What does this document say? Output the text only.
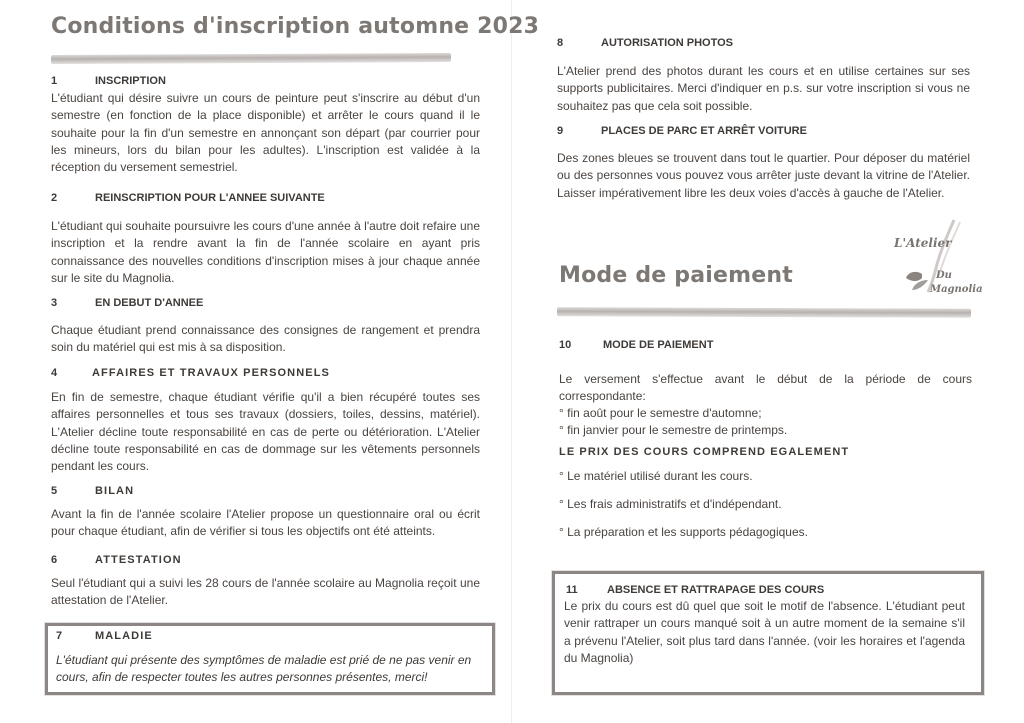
Conditions d'inscription automne 2023
1	INSCRIPTION

L'étudiant qui désire suivre un cours de peinture peut s'inscrire au début d'un semestre (en fonction de la place disponible) et arrêter le cours quand il le souhaite pour la fin d'un semestre en annonçant son départ (par courrier pour les mineurs, lors du bilan pour les adultes). L'inscription est validée à la réception du versement semestriel.

2	REINSCRIPTION POUR L'ANNEE SUIVANTE

L'étudiant qui souhaite poursuivre les cours d'une année à l'autre doit refaire une inscription et la rendre avant la fin de l'année scolaire en ayant pris connaissance des nouvelles conditions d'inscription mises à jour chaque année sur le site du Magnolia.

3	EN DEBUT D'ANNEE

Chaque étudiant prend connaissance des consignes de rangement et prendra soin du matériel qui est mis à sa disposition.

4	AFFAIRES ET TRAVAUX PERSONNELS

En fin de semestre, chaque étudiant vérifie qu'il a bien récupéré toutes ses affaires personnelles et tous ses travaux (dossiers, toiles, dessins, matériel). L'Atelier décline toute responsabilité en cas de perte ou détérioration. L'Atelier décline toute responsabilité en cas de dommage sur les vêtements personnels pendant les cours.

5	BILAN

Avant la fin de l'année scolaire l'Atelier propose un questionnaire oral ou écrit pour chaque étudiant, afin de vérifier si tous les objectifs ont été atteints.

6	ATTESTATION

Seul l'étudiant qui a suivi les 28 cours de l'année scolaire au Magnolia reçoit une attestation de l'Atelier.

7	MALADIE

L'étudiant qui présente des symptômes de maladie est prié de ne pas venir en cours, afin de respecter toutes les autres personnes présentes, merci!

8	AUTORISATION PHOTOS

L'Atelier prend des photos durant les cours et en utilise certaines sur ses supports publicitaires. Merci d'indiquer en p.s. sur votre inscription si vous ne souhaitez pas que cela soit possible.

9	PLACES DE PARC ET ARRÊT VOITURE

Des zones bleues se trouvent dans tout le quartier. Pour déposer du matériel ou des personnes vous pouvez vous arrêter juste devant la vitrine de l'Atelier. Laisser impérativement libre les deux voies d'accès à gauche de l'Atelier.

Mode de paiement
L'Atelier
Du
Magnolia
10	MODE DE PAIEMENT

Le versement s'effectue avant le début de la période de cours correspondante:

° fin août pour le semestre d'automne;
° fin janvier pour le semestre de printemps.
LE PRIX DES COURS COMPREND EGALEMENT
° Le matériel utilisé durant les cours.
° Les frais administratifs et d'indépendant.
° La préparation et les supports pédagogiques.
11	ABSENCE ET RATTRAPAGE DES COURS

Le prix du cours est dû quel que soit le motif de l'absence. L'étudiant peut venir rattraper un cours manqué soit à un autre moment de la semaine s'il a prévenu l'Atelier, soit plus tard dans l'année. (voir les horaires et l'agenda du Magnolia)
